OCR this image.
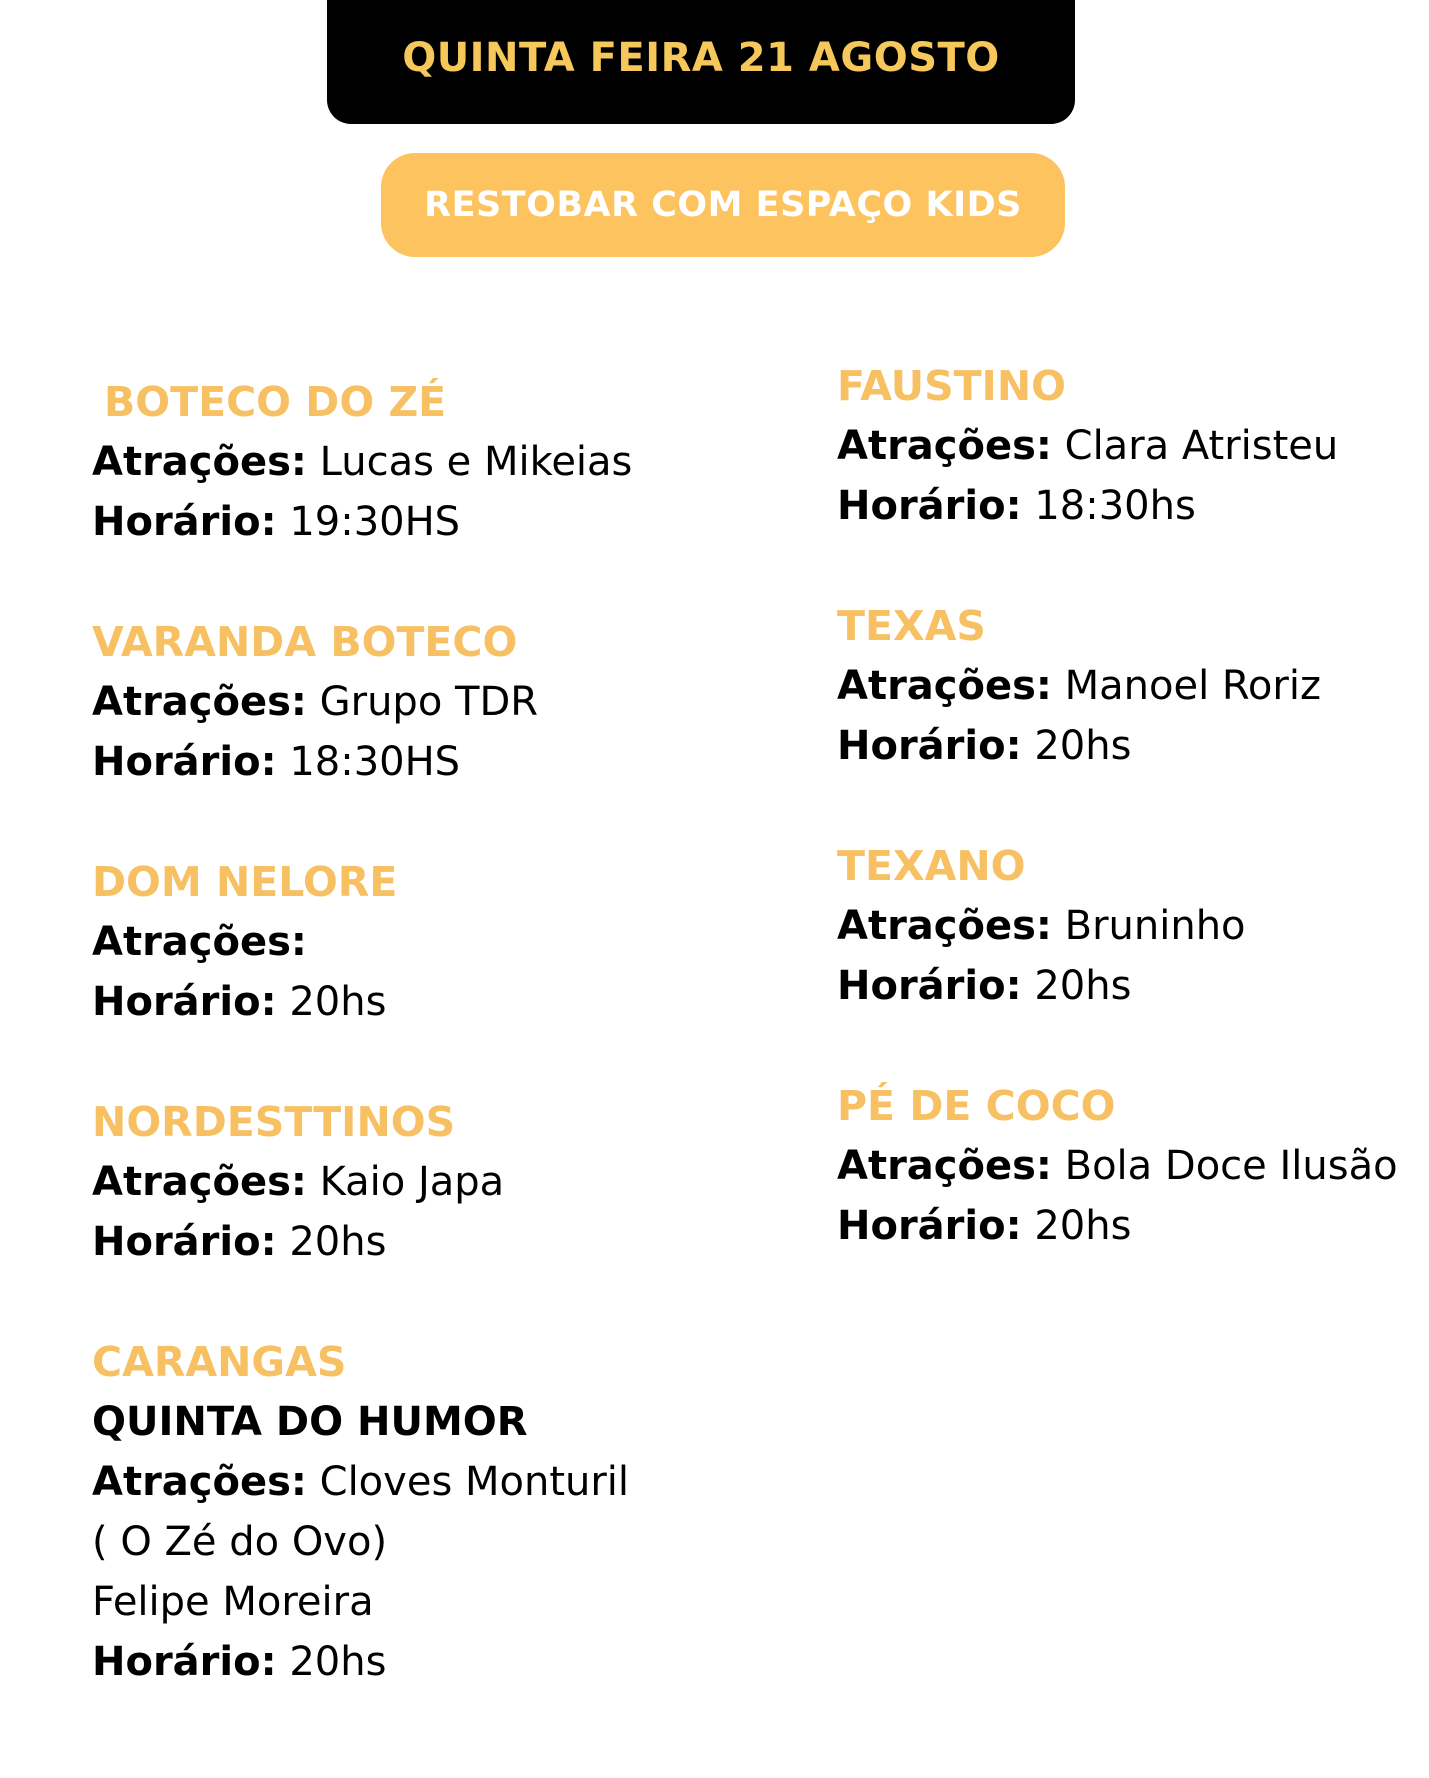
QUINTA FEIRA 21 AGOSTO
RESTOBAR COM ESPAÇO KIDS
BOTECO DO ZÉ
Atrações: Lucas e Mikeias
Horário: 19:30HS
VARANDA BOTECO
Atrações: Grupo TDR
Horário: 18:30HS
DOM NELORE
Atrações:
Horário: 20hs
NORDESTTINOS
Atrações: Kaio Japa
Horário: 20hs
CARANGAS
QUINTA DO HUMOR
Atrações: Cloves Monturil
( O Zé do Ovo)
Felipe Moreira
Horário: 20hs
FAUSTINO
Atrações: Clara Atristeu
Horário: 18:30hs
TEXAS
Atrações: Manoel Roriz
Horário: 20hs
TEXANO
Atrações: Bruninho
Horário: 20hs
PÉ DE COCO
Atrações: Bola Doce Ilusão
Horário: 20hs
